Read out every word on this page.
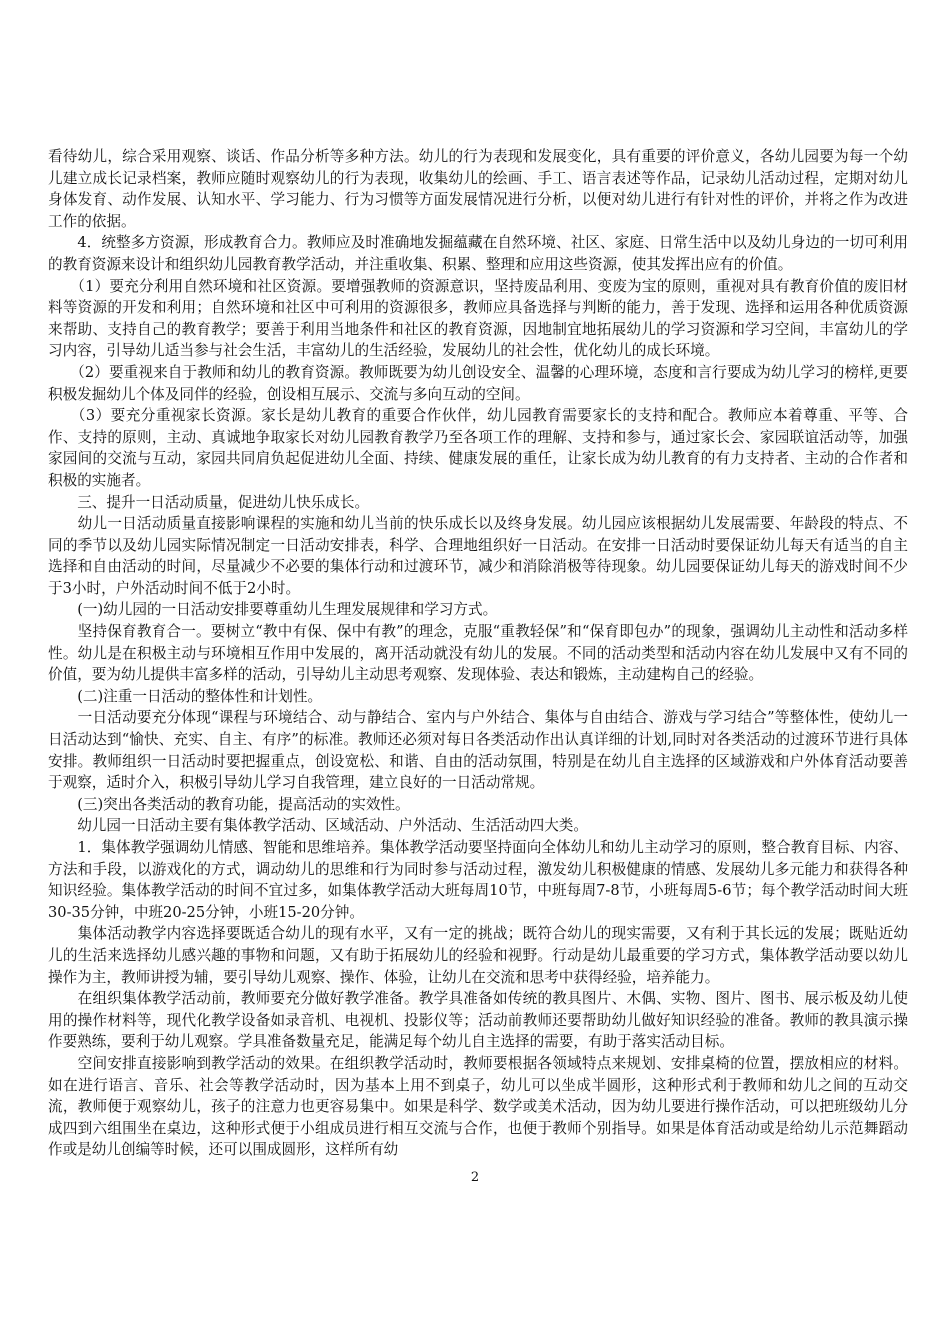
看待幼儿，综合采用观察、谈话、作品分析等多种方法。幼儿的行为表现和发展变化，具有重要的评价意义，各幼儿园要为每一个幼儿建立成长记录档案，教师应随时观察幼儿的行为表现，收集幼儿的绘画、手工、语言表述等作品，记录幼儿活动过程，定期对幼儿身体发育、动作发展、认知水平、学习能力、行为习惯等方面发展情况进行分析，以便对幼儿进行有针对性的评价，并将之作为改进工作的依据。

　　4．统整多方资源，形成教育合力。教师应及时准确地发掘蕴藏在自然环境、社区、家庭、日常生活中以及幼儿身边的一切可利用的教育资源来设计和组织幼儿园教育教学活动，并注重收集、积累、整理和应用这些资源，使其发挥出应有的价值。

　　（1）要充分利用自然环境和社区资源。要增强教师的资源意识，坚持废品利用、变废为宝的原则，重视对具有教育价值的废旧材料等资源的开发和利用；自然环境和社区中可利用的资源很多，教师应具备选择与判断的能力，善于发现、选择和运用各种优质资源来帮助、支持自己的教育教学；要善于利用当地条件和社区的教育资源，因地制宜地拓展幼儿的学习资源和学习空间，丰富幼儿的学习内容，引导幼儿适当参与社会生活，丰富幼儿的生活经验，发展幼儿的社会性，优化幼儿的成长环境。

　　（2）要重视来自于教师和幼儿的教育资源。教师既要为幼儿创设安全、温馨的心理环境，态度和言行要成为幼儿学习的榜样,更要积极发掘幼儿个体及同伴的经验，创设相互展示、交流与多向互动的空间。

　　（3）要充分重视家长资源。家长是幼儿教育的重要合作伙伴，幼儿园教育需要家长的支持和配合。教师应本着尊重、平等、合作、支持的原则，主动、真诚地争取家长对幼儿园教育教学乃至各项工作的理解、支持和参与，通过家长会、家园联谊活动等，加强家园间的交流与互动，家园共同肩负起促进幼儿全面、持续、健康发展的重任，让家长成为幼儿教育的有力支持者、主动的合作者和积极的实施者。

　　三、提升一日活动质量，促进幼儿快乐成长。

　　幼儿一日活动质量直接影响课程的实施和幼儿当前的快乐成长以及终身发展。幼儿园应该根据幼儿发展需要、年龄段的特点、不同的季节以及幼儿园实际情况制定一日活动安排表，科学、合理地组织好一日活动。在安排一日活动时要保证幼儿每天有适当的自主选择和自由活动的时间，尽量减少不必要的集体行动和过渡环节，减少和消除消极等待现象。幼儿园要保证幼儿每天的游戏时间不少于3小时，户外活动时间不低于2小时。

　　(一)幼儿园的一日活动安排要尊重幼儿生理发展规律和学习方式。

　　坚持保育教育合一。要树立“教中有保、保中有教”的理念，克服“重教轻保”和“保育即包办”的现象，强调幼儿主动性和活动多样性。幼儿是在积极主动与环境相互作用中发展的，离开活动就没有幼儿的发展。不同的活动类型和活动内容在幼儿发展中又有不同的价值，要为幼儿提供丰富多样的活动，引导幼儿主动思考观察、发现体验、表达和锻炼，主动建构自己的经验。

　　(二)注重一日活动的整体性和计划性。

　　一日活动要充分体现“课程与环境结合、动与静结合、室内与户外结合、集体与自由结合、游戏与学习结合”等整体性，使幼儿一日活动达到“愉快、充实、自主、有序”的标准。教师还必须对每日各类活动作出认真详细的计划,同时对各类活动的过渡环节进行具体安排。教师组织一日活动时要把握重点，创设宽松、和谐、自由的活动氛围，特别是在幼儿自主选择的区域游戏和户外体育活动要善于观察，适时介入，积极引导幼儿学习自我管理，建立良好的一日活动常规。

　　(三)突出各类活动的教育功能，提高活动的实效性。

　　幼儿园一日活动主要有集体教学活动、区域活动、户外活动、生活活动四大类。

　　1．集体教学强调幼儿情感、智能和思维培养。集体教学活动要坚持面向全体幼儿和幼儿主动学习的原则，整合教育目标、内容、方法和手段，以游戏化的方式，调动幼儿的思维和行为同时参与活动过程，激发幼儿积极健康的情感、发展幼儿多元能力和获得各种知识经验。集体教学活动的时间不宜过多，如集体教学活动大班每周10节，中班每周7-8节，小班每周5-6节；每个教学活动时间大班30-35分钟，中班20-25分钟，小班15-20分钟。

　　集体活动教学内容选择要既适合幼儿的现有水平，又有一定的挑战；既符合幼儿的现实需要，又有利于其长远的发展；既贴近幼儿的生活来选择幼儿感兴趣的事物和问题，又有助于拓展幼儿的经验和视野。行动是幼儿最重要的学习方式，集体教学活动要以幼儿操作为主，教师讲授为辅，要引导幼儿观察、操作、体验，让幼儿在交流和思考中获得经验，培养能力。

　　在组织集体教学活动前，教师要充分做好教学准备。教学具准备如传统的教具图片、木偶、实物、图片、图书、展示板及幼儿使用的操作材料等，现代化教学设备如录音机、电视机、投影仪等；活动前教师还要帮助幼儿做好知识经验的准备。教师的教具演示操作要熟练，要利于幼儿观察。学具准备数量充足，能满足每个幼儿自主选择的需要，有助于落实活动目标。

　　空间安排直接影响到教学活动的效果。在组织教学活动时，教师要根据各领域特点来规划、安排桌椅的位置，摆放相应的材料。如在进行语言、音乐、社会等教学活动时，因为基本上用不到桌子，幼儿可以坐成半圆形，这种形式利于教师和幼儿之间的互动交流，教师便于观察幼儿，孩子的注意力也更容易集中。如果是科学、数学或美术活动，因为幼儿要进行操作活动，可以把班级幼儿分成四到六组围坐在桌边，这种形式便于小组成员进行相互交流与合作，也便于教师个别指导。如果是体育活动或是给幼儿示范舞蹈动作或是幼儿创编等时候，还可以围成圆形，这样所有幼

2
